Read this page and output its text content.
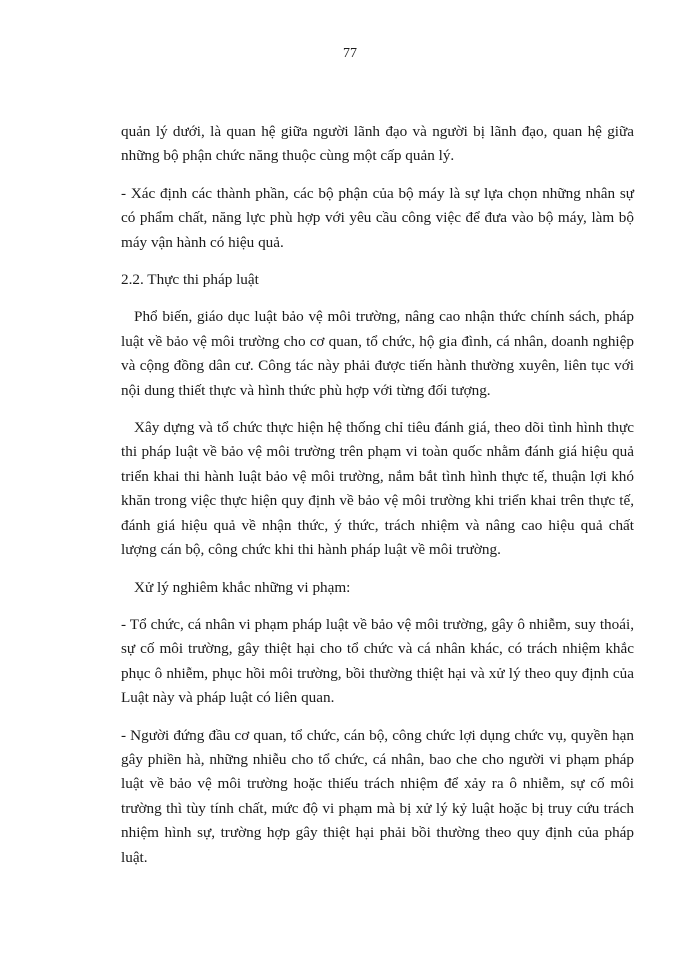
77

quản lý dưới, là quan hệ giữa người lãnh đạo và người bị lãnh đạo, quan hệ giữa những bộ phận chức năng thuộc cùng một cấp quản lý.

- Xác định các thành phần, các bộ phận của bộ máy là sự lựa chọn những nhân sự có phẩm chất, năng lực phù hợp với yêu cầu công việc để đưa vào bộ máy, làm bộ máy vận hành có hiệu quả.

2.2. Thực thi pháp luật

Phổ biến, giáo dục luật bảo vệ môi trường, nâng cao nhận thức chính sách, pháp luật về bảo vệ môi trường cho cơ quan, tổ chức, hộ gia đình, cá nhân, doanh nghiệp và cộng đồng dân cư. Công tác này phải được tiến hành thường xuyên, liên tục với nội dung thiết thực và hình thức phù hợp với từng đối tượng.

Xây dựng và tổ chức thực hiện hệ thống chỉ tiêu đánh giá, theo dõi tình hình thực thi pháp luật về bảo vệ môi trường trên phạm vi toàn quốc nhằm đánh giá hiệu quả triển khai thi hành luật bảo vệ môi trường, nắm bắt tình hình thực tế, thuận lợi khó khăn trong việc thực hiện quy định về bảo vệ môi trường khi triển khai trên thực tế, đánh giá hiệu quả về nhận thức, ý thức, trách nhiệm và nâng cao hiệu quả chất lượng cán bộ, công chức khi thi hành pháp luật về môi trường.

Xử lý nghiêm khắc những vi phạm:

- Tổ chức, cá nhân vi phạm pháp luật về bảo vệ môi trường, gây ô nhiễm, suy thoái, sự cố môi trường, gây thiệt hại cho tổ chức và cá nhân khác, có trách nhiệm khắc phục ô nhiễm, phục hồi môi trường, bồi thường thiệt hại và xử lý theo quy định của Luật này và pháp luật có liên quan.

- Người đứng đầu cơ quan, tổ chức, cán bộ, công chức lợi dụng chức vụ, quyền hạn gây phiền hà, những nhiễu cho tổ chức, cá nhân, bao che cho người vi phạm pháp luật về bảo vệ môi trường hoặc thiếu trách nhiệm để xảy ra ô nhiễm, sự cố môi trường thì tùy tính chất, mức độ vi phạm mà bị xử lý kỷ luật hoặc bị truy cứu trách nhiệm hình sự, trường hợp gây thiệt hại phải bồi thường theo quy định của pháp luật.
